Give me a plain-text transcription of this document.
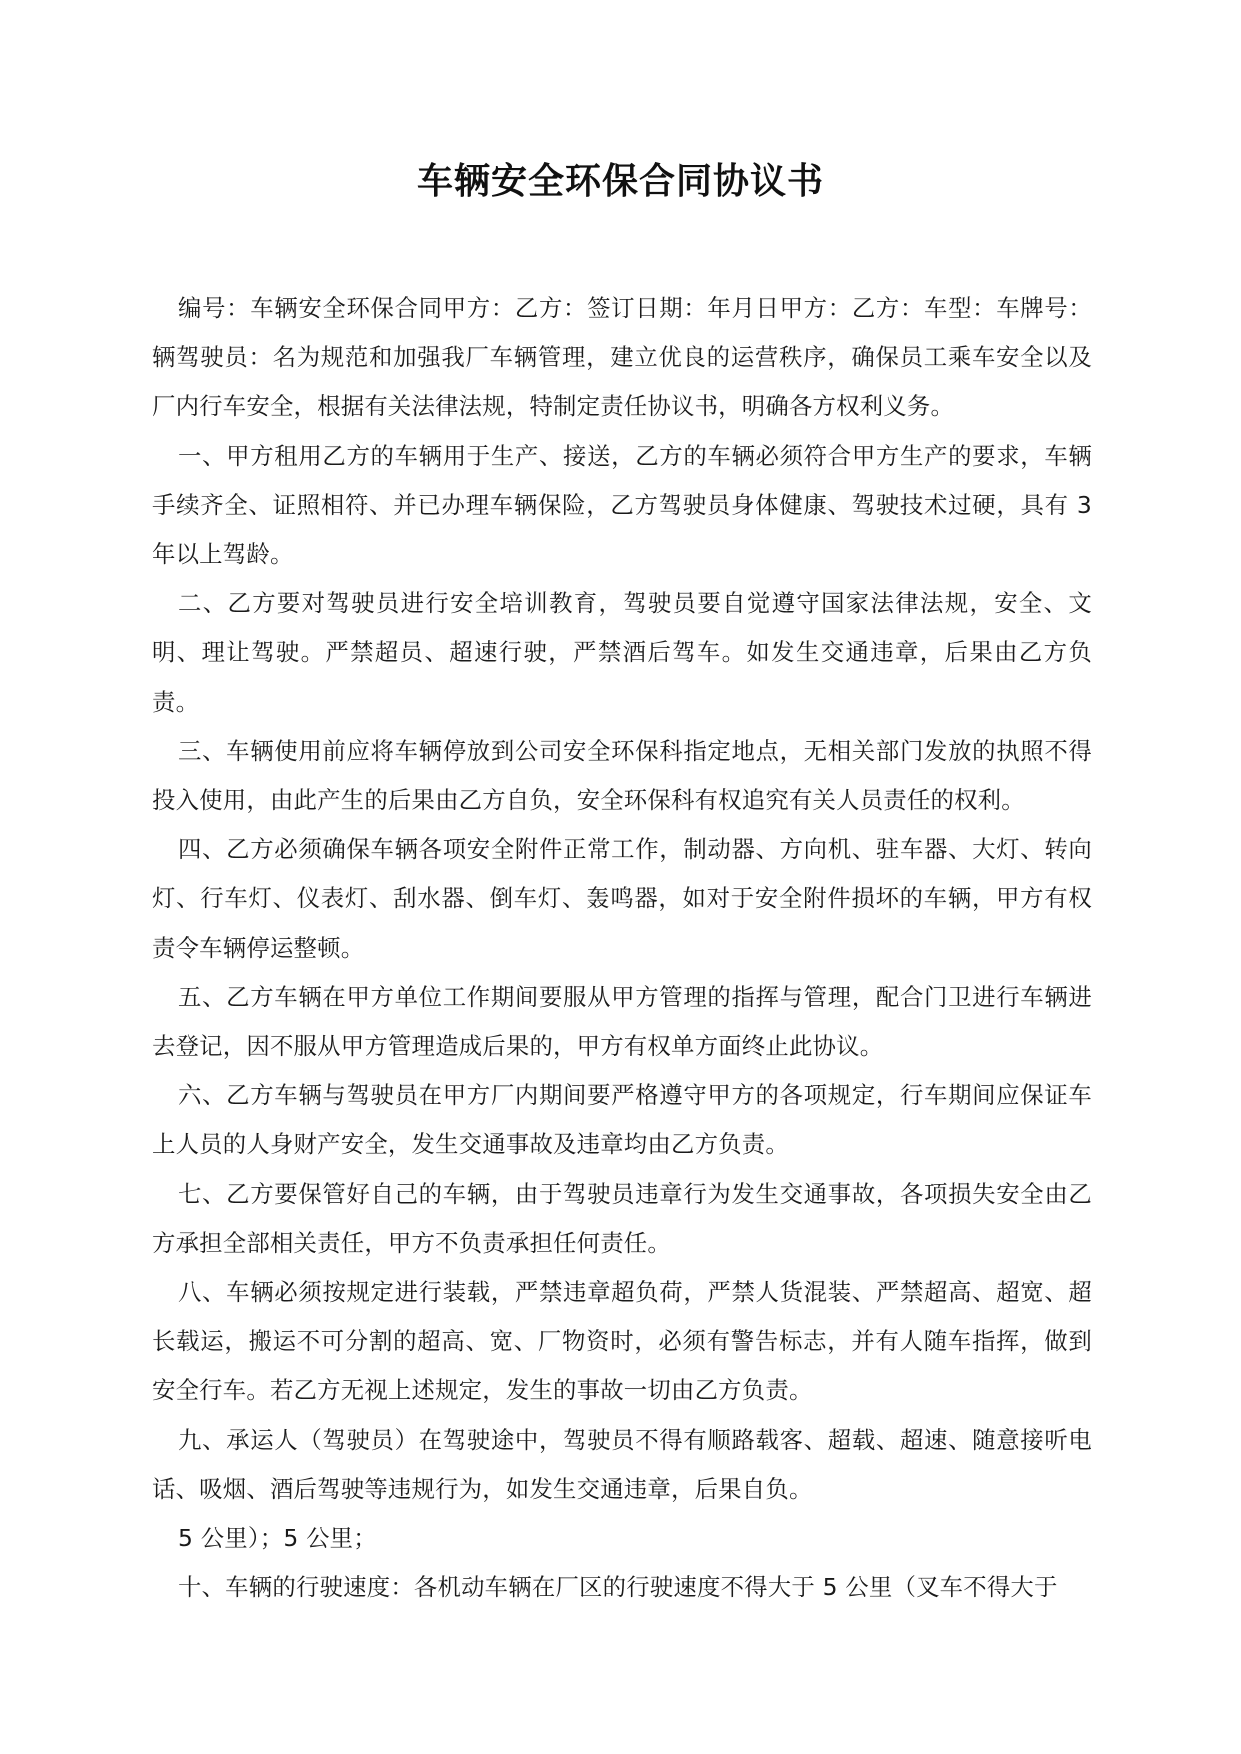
车辆安全环保合同协议书

编号：车辆安全环保合同甲方：乙方：签订日期：年月日甲方：乙方：车型：车牌号：辆驾驶员：名为规范和加强我厂车辆管理，建立优良的运营秩序，确保员工乘车安全以及厂内行车安全，根据有关法律法规，特制定责任协议书，明确各方权利义务。

一、甲方租用乙方的车辆用于生产、接送，乙方的车辆必须符合甲方生产的要求，车辆手续齐全、证照相符、并已办理车辆保险，乙方驾驶员身体健康、驾驶技术过硬，具有 3 年以上驾龄。

二、乙方要对驾驶员进行安全培训教育，驾驶员要自觉遵守国家法律法规，安全、文明、理让驾驶。严禁超员、超速行驶，严禁酒后驾车。如发生交通违章，后果由乙方负责。

三、车辆使用前应将车辆停放到公司安全环保科指定地点，无相关部门发放的执照不得投入使用，由此产生的后果由乙方自负，安全环保科有权追究有关人员责任的权利。

四、乙方必须确保车辆各项安全附件正常工作，制动器、方向机、驻车器、大灯、转向灯、行车灯、仪表灯、刮水器、倒车灯、轰鸣器，如对于安全附件损坏的车辆，甲方有权责令车辆停运整顿。

五、乙方车辆在甲方单位工作期间要服从甲方管理的指挥与管理，配合门卫进行车辆进去登记，因不服从甲方管理造成后果的，甲方有权单方面终止此协议。

六、乙方车辆与驾驶员在甲方厂内期间要严格遵守甲方的各项规定，行车期间应保证车上人员的人身财产安全，发生交通事故及违章均由乙方负责。

七、乙方要保管好自己的车辆，由于驾驶员违章行为发生交通事故，各项损失安全由乙方承担全部相关责任，甲方不负责承担任何责任。

八、车辆必须按规定进行装载，严禁违章超负荷，严禁人货混装、严禁超高、超宽、超长载运，搬运不可分割的超高、宽、厂物资时，必须有警告标志，并有人随车指挥，做到安全行车。若乙方无视上述规定，发生的事故一切由乙方负责。

九、承运人（驾驶员）在驾驶途中，驾驶员不得有顺路载客、超载、超速、随意接听电话、吸烟、酒后驾驶等违规行为，如发生交通违章，后果自负。

5 公里）；5 公里；

十、车辆的行驶速度：各机动车辆在厂区的行驶速度不得大于 5 公里（叉车不得大于
